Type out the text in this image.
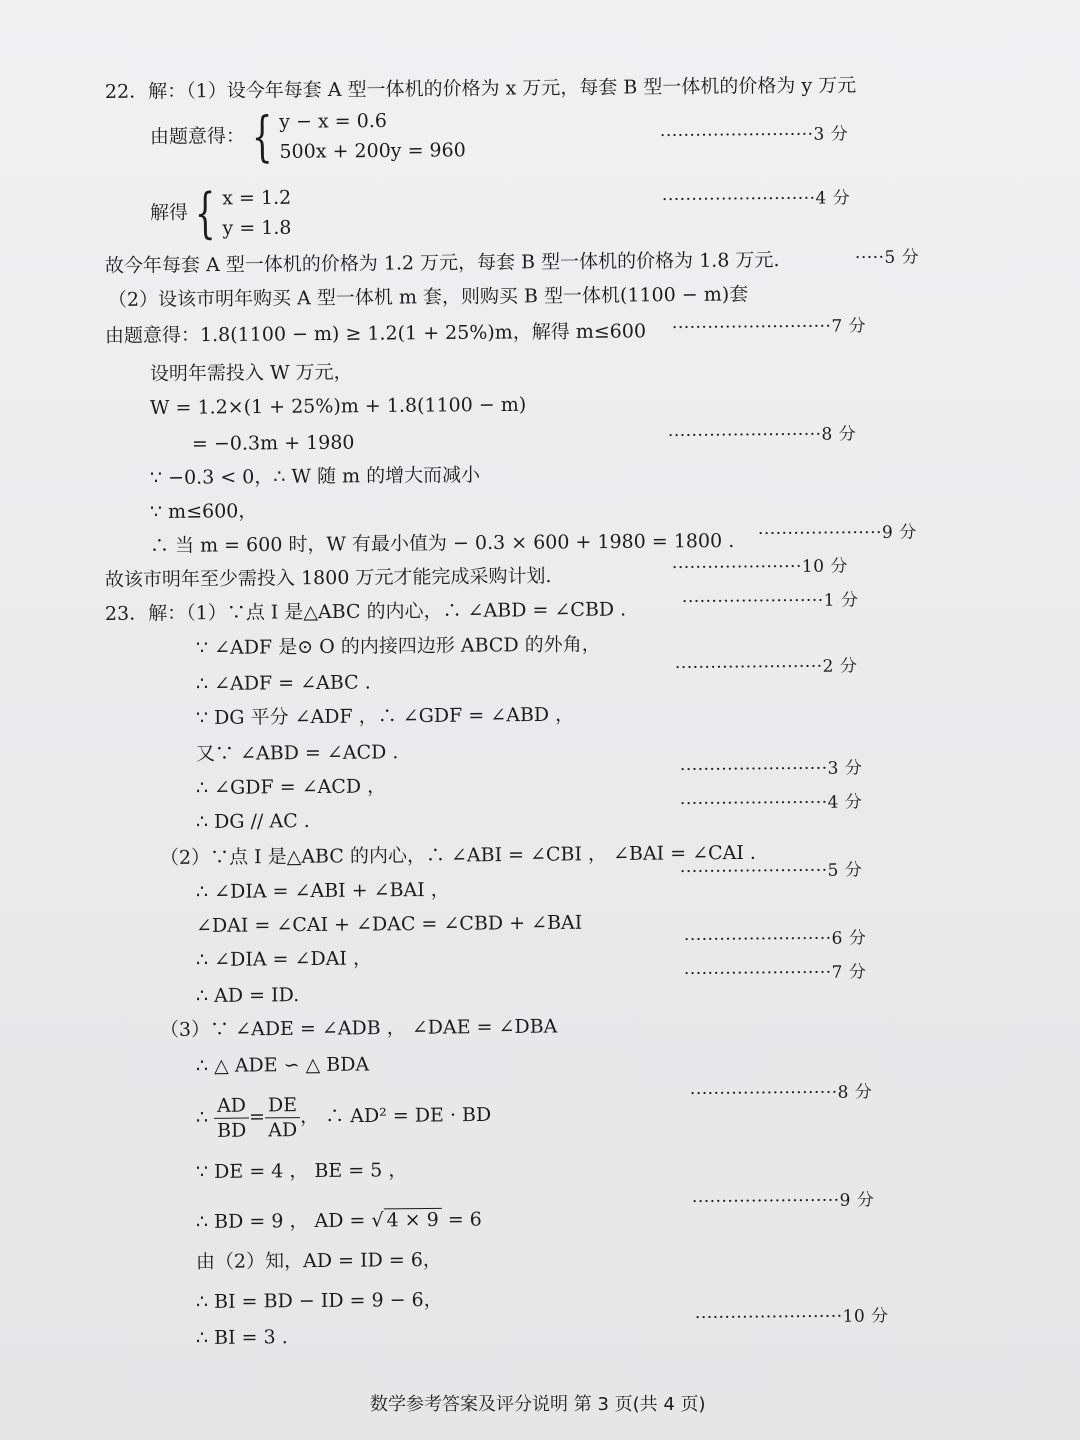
22．解：（1）设今年每套 A 型一体机的价格为 x 万元，每套 B 型一体机的价格为 y 万元
由题意得： { y − x = 0.6
500x + 200y = 960
··························3 分
解得 { x = 1.2
y = 1.8
··························4 分
故今年每套 A 型一体机的价格为 1.2 万元，每套 B 型一体机的价格为 1.8 万元.	·····5 分
（2）设该市明年购买 A 型一体机 m 套，则购买 B 型一体机(1100 − m)套
由题意得：1.8(1100 − m) ≥ 1.2(1 + 25%)m，解得 m≤600 ···························7 分
设明年需投入 W 万元，
W = 1.2×(1 + 25%)m + 1.8(1100 − m)
= −0.3m + 1980	··························8 分
∵ −0.3 < 0，∴ W 随 m 的增大而减小
∵ m≤600，
∴ 当 m = 600 时，W 有最小值为 − 0.3 × 600 + 1980 = 1800 . ·····················9 分
故该市明年至少需投入 1800 万元才能完成采购计划.	······················10 分
23．解：（1）∵点 I 是△ABC 的内心，∴ ∠ABD = ∠CBD .	························1 分
∵ ∠ADF 是⊙ O 的内接四边形 ABCD 的外角，
∴ ∠ADF = ∠ABC .
·························2 分
∵ DG 平分 ∠ADF ，∴ ∠GDF = ∠ABD ，
又∵ ∠ABD = ∠ACD .
∴ ∠GDF = ∠ACD ，
·························3 分
∴ DG // AC .
·························4 分
（2）∵点 I 是△ABC 的内心，∴ ∠ABI = ∠CBI ， ∠BAI = ∠CAI .
∴ ∠DIA = ∠ABI + ∠BAI ，
·························5 分
∠DAI = ∠CAI + ∠DAC = ∠CBD + ∠BAI
∴ ∠DIA = ∠DAI ，
·························6 分
∴ AD = ID.
·························7 分
（3）∵ ∠ADE = ∠ADB ， ∠DAE = ∠DBA
∴ △ ADE ∽ △ BDA
∴ $\frac{AD}{BD} = \frac{DE}{AD}$ ， ∴ AD² = DE · BD
·························8 分
∵ DE = 4 ， BE = 5 ，
∴ BD = 9 ， AD = √ 4 × 9 = 6
·························9 分
由（2）知，AD = ID = 6，
∴ BI = BD − ID = 9 − 6，
∴ BI = 3 .
·························10 分
数学参考答案及评分说明 第 3 页(共 4 页)
